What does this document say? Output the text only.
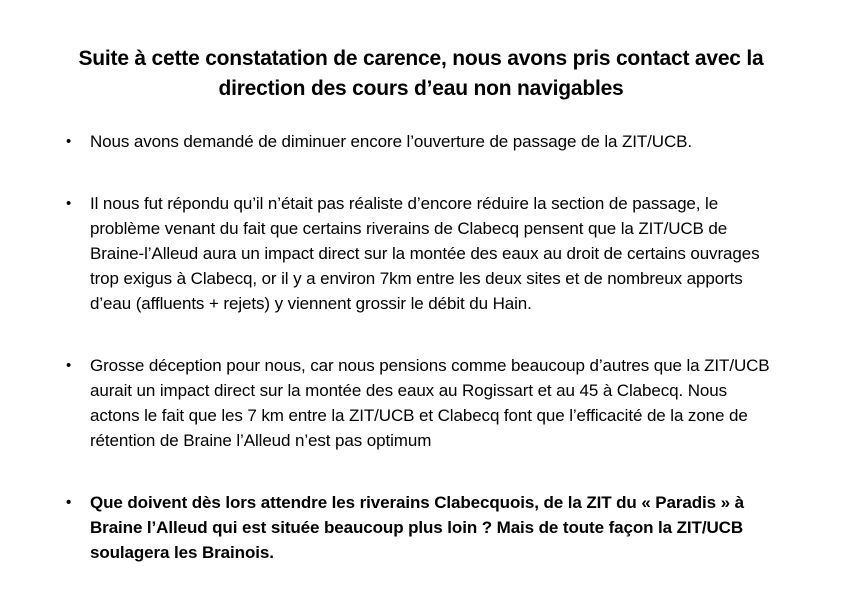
Suite à cette constatation de carence, nous avons pris contact avec la direction des cours d’eau non navigables
•	Nous avons demandé de diminuer encore l’ouverture de passage de la ZIT/UCB.
•	Il nous fut répondu qu’il n’était pas réaliste d’encore réduire la section de passage, le problème venant du fait que certains riverains de Clabecq pensent que la ZIT/UCB de Braine-l’Alleud aura un impact direct sur la montée des eaux au droit de certains ouvrages trop exigus à Clabecq, or il y a environ 7km entre les deux sites et de nombreux apports d’eau (affluents + rejets) y viennent grossir le débit du Hain.
•	Grosse déception pour nous, car nous pensions comme beaucoup d’autres que la ZIT/UCB aurait un impact direct sur la montée des eaux au Rogissart et au 45 à Clabecq. Nous actons le fait que les 7 km entre la ZIT/UCB et Clabecq font que l’efficacité de la zone de rétention de Braine l’Alleud n’est pas optimum
•	Que doivent dès lors attendre les riverains Clabecquois, de la ZIT du « Paradis » à Braine l’Alleud qui est située beaucoup plus loin ? Mais de toute façon la ZIT/UCB soulagera les Brainois.
